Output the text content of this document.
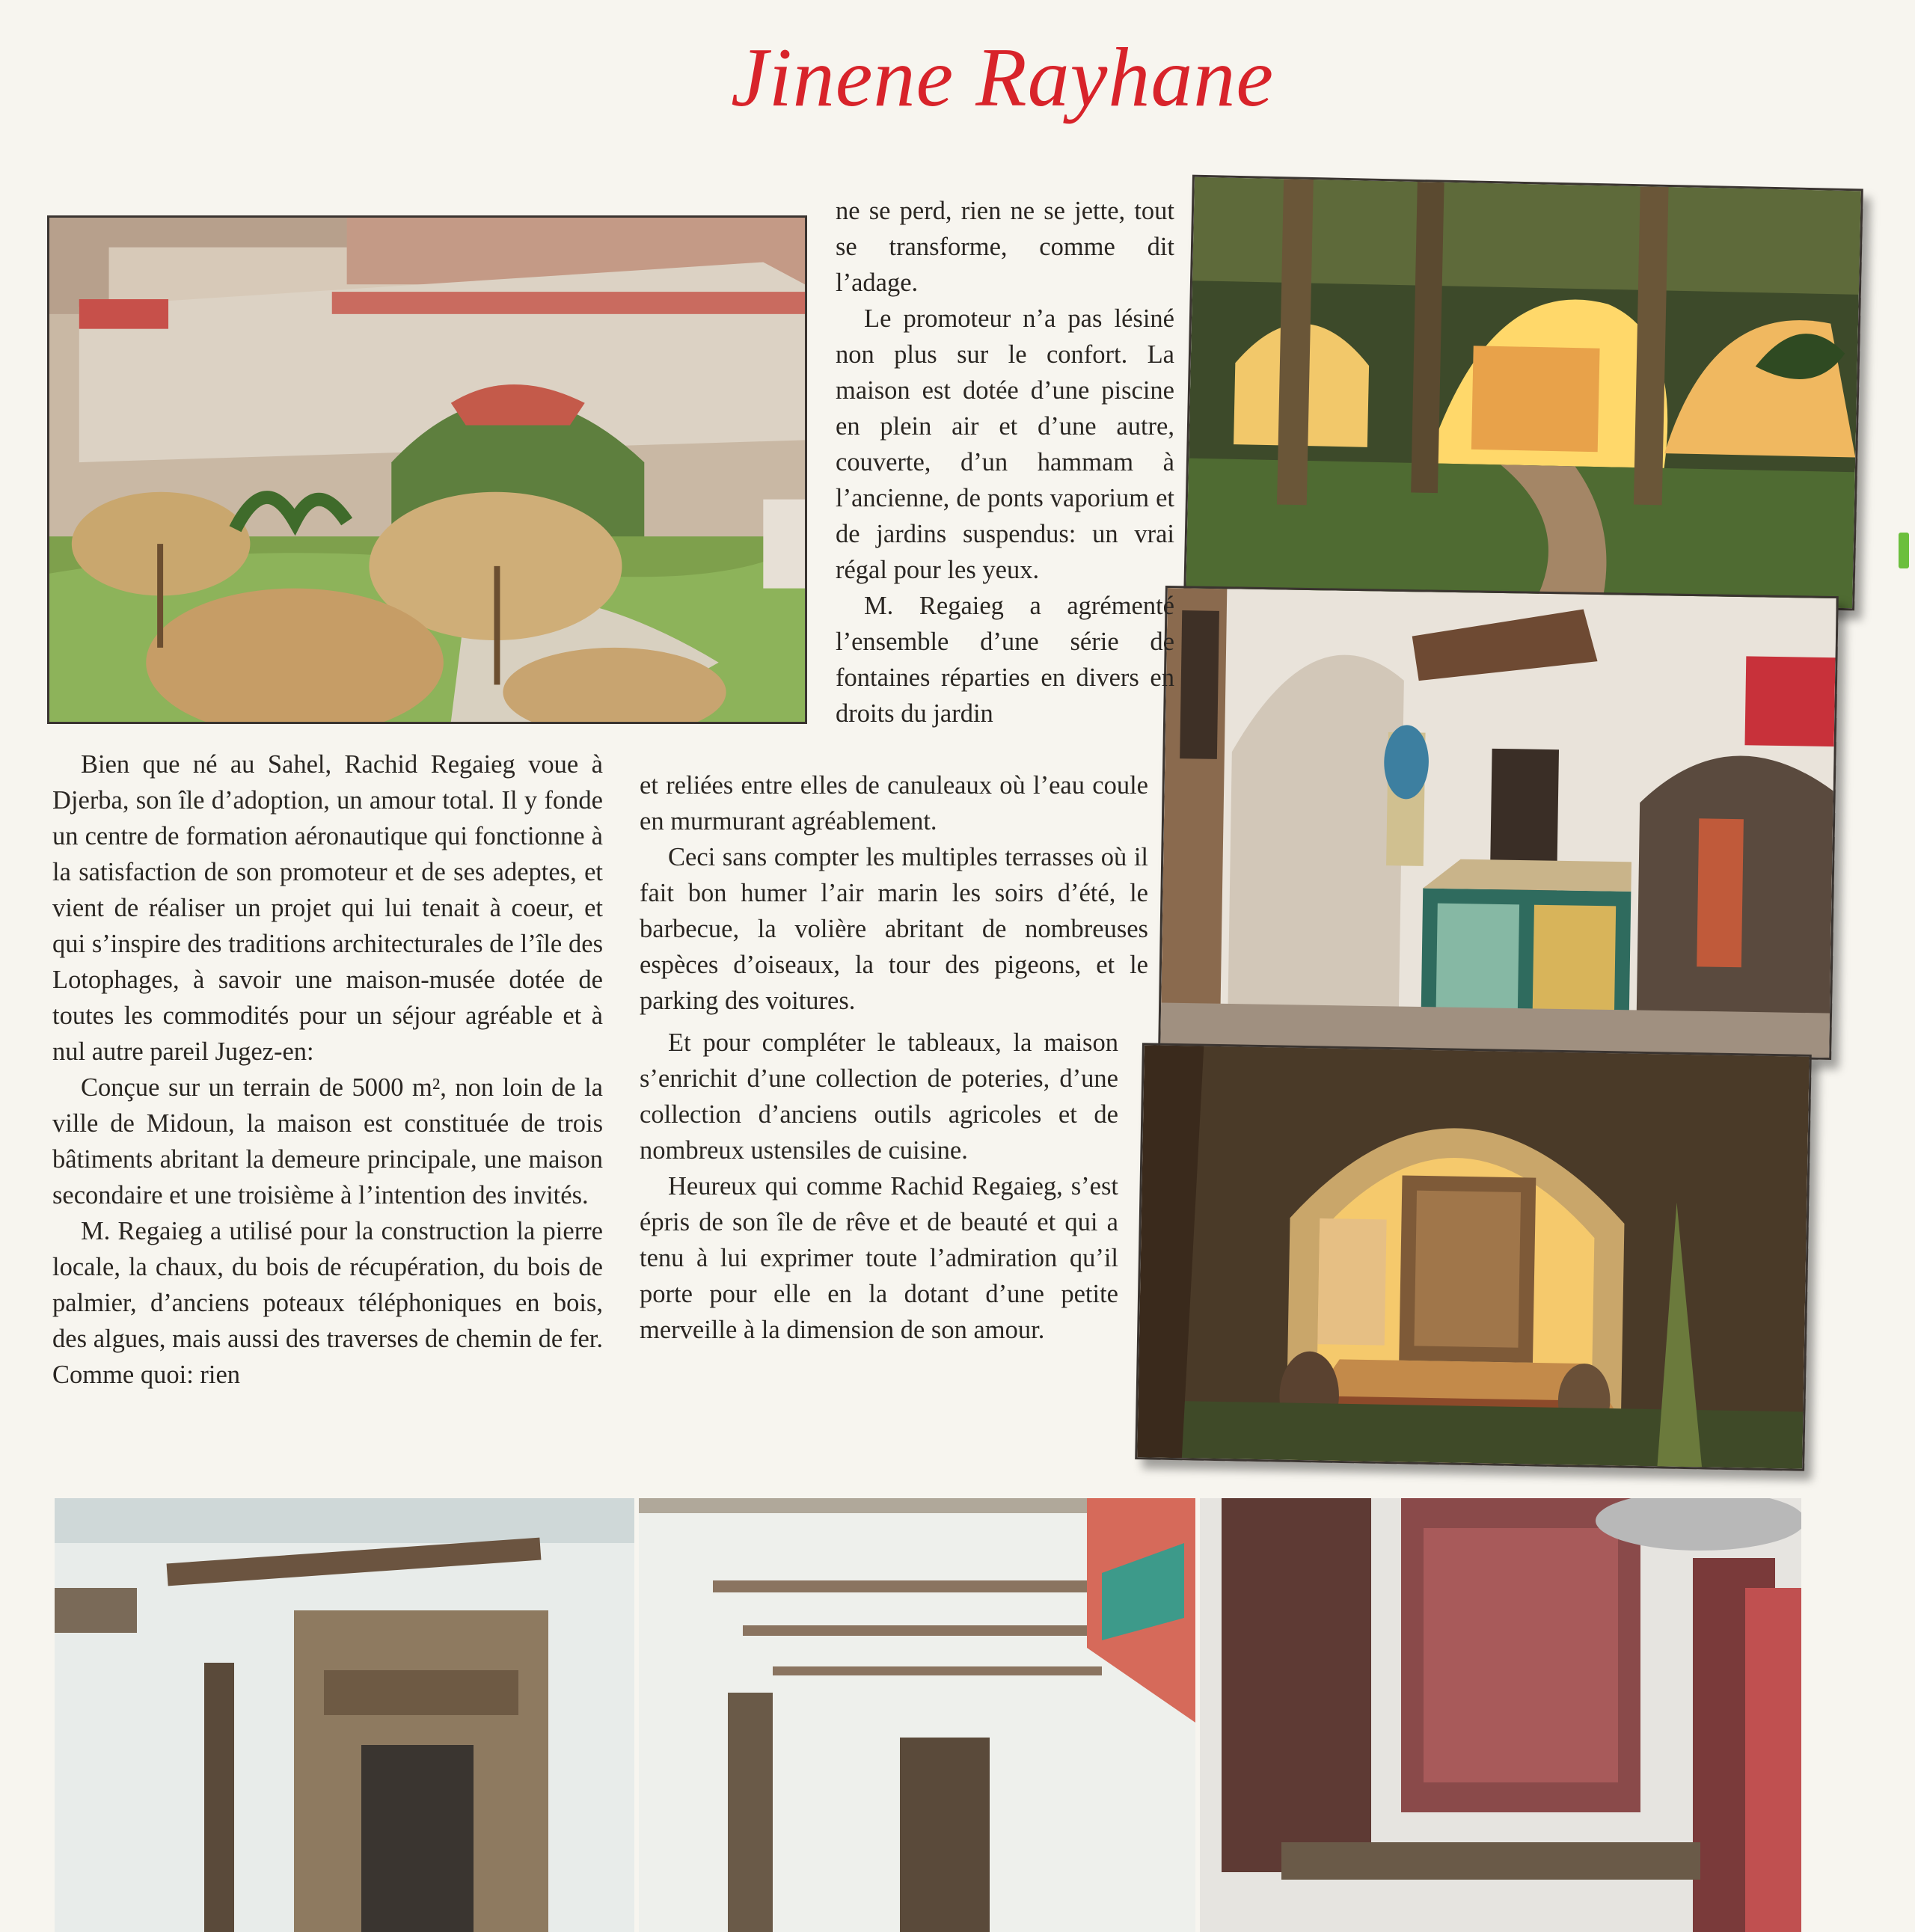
Jinene Rayhane

Bien que né au Sahel, Rachid Regaieg voue à Djerba, son île d’adoption, un amour total. Il y fonde un centre de formation aéronautique qui fonctionne à la satisfaction de son promoteur et de ses adeptes, et vient de réaliser un projet qui lui tenait à coeur, et qui s’inspire des traditions architecturales de l’île des Lotophages, à savoir une maison-musée dotée de toutes les commodités pour un séjour agréable et à nul autre pareil Jugez-en:

Conçue sur un terrain de 5000 m², non loin de la ville de Midoun, la maison est constituée de trois bâtiments abritant la demeure principale, une maison secondaire et une troisième à l’intention des invités.

M. Regaieg a utilisé pour la construction la pierre locale, la chaux, du bois de récupération, du bois de palmier, d’anciens poteaux téléphoniques en bois, des algues, mais aussi des traverses de chemin de fer. Comme quoi: rien

ne se perd, rien ne se jette, tout se transforme, comme dit l’adage.

Le promoteur n’a pas lésiné non plus sur le confort. La maison est dotée d’une piscine en plein air et d’une autre, couverte, d’un hammam à l’ancienne, de ponts vaporium et de jardins suspendus: un vrai régal pour les yeux.

M. Regaieg a agrémenté l’ensemble d’une série de fontaines réparties en divers en droits du jardin

et reliées entre elles de canuleaux où l’eau coule en murmurant agréablement.

Ceci sans compter les multiples terrasses où il fait bon humer l’air marin les soirs d’été, le barbecue, la volière abritant de nombreuses espèces d’oiseaux, la tour des pigeons, et le parking des voitures.

Et pour compléter le tableaux, la maison s’enrichit d’une collection de poteries, d’une collection d’anciens outils agricoles et de nombreux ustensiles de cuisine.

Heureux qui comme Rachid Regaieg, s’est épris de son île de rêve et de beauté et qui a tenu à lui exprimer toute l’admiration qu’il porte pour elle en la dotant d’une petite merveille à la dimension de son amour.
